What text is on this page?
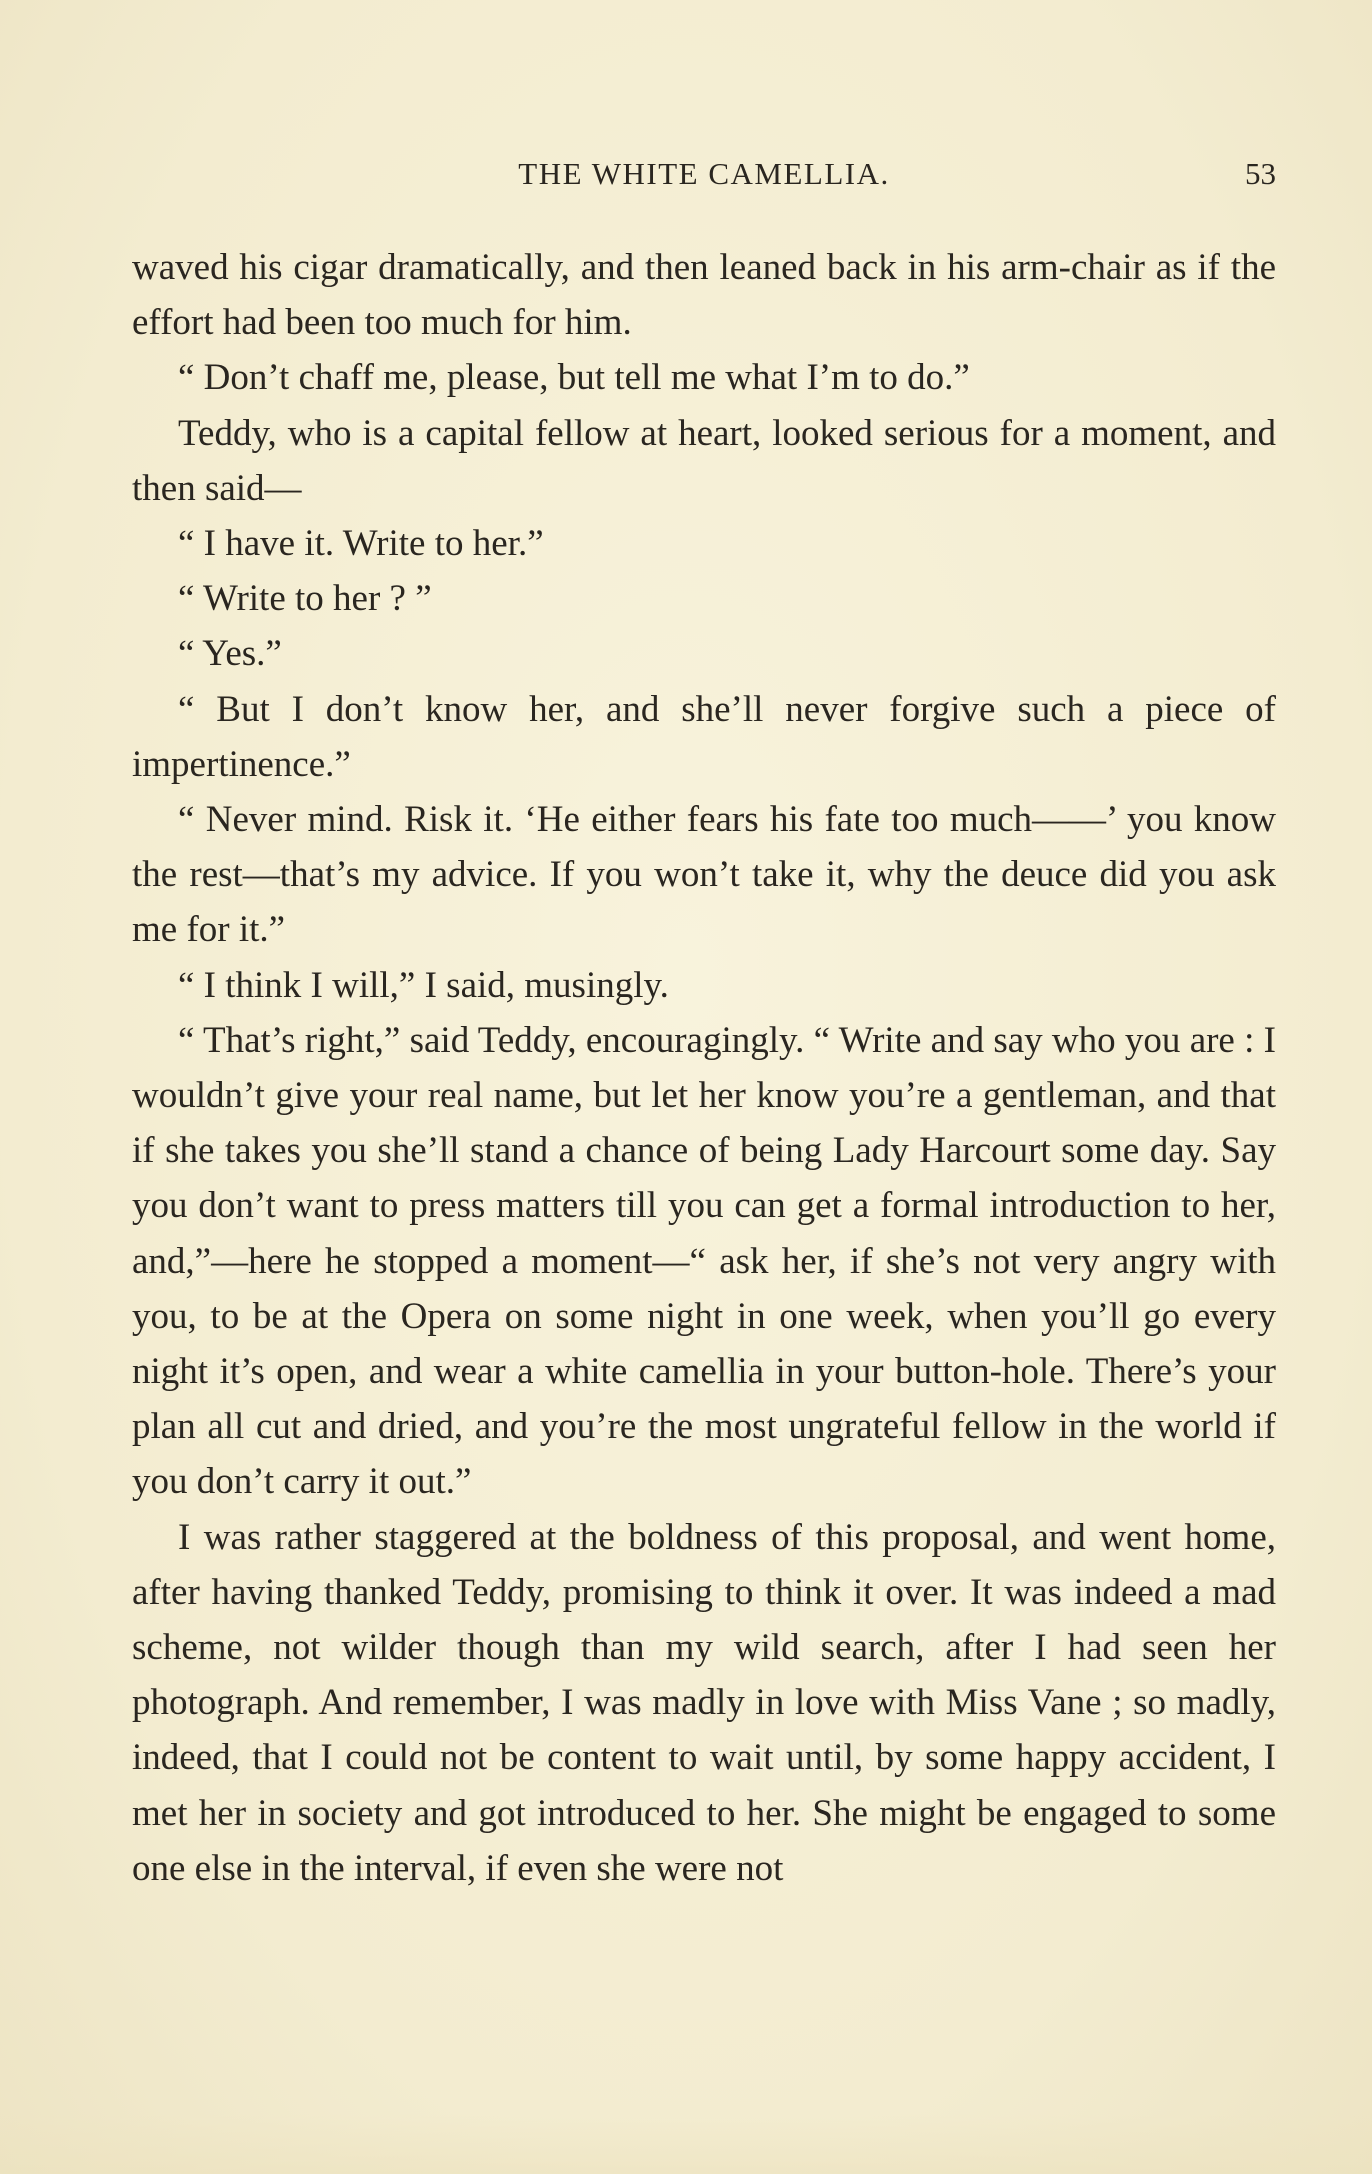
THE WHITE CAMELLIA.	53

waved his cigar dramatically, and then leaned back in his arm-chair as if the effort had been too much for him.

“ Don’t chaff me, please, but tell me what I’m to do.”

Teddy, who is a capital fellow at heart, looked serious for a moment, and then said—

“ I have it. Write to her.”

“ Write to her ? ”

“ Yes.”

“ But I don’t know her, and she’ll never forgive such a piece of impertinence.”

“ Never mind. Risk it. ‘He either fears his fate too much——’ you know the rest—that’s my advice. If you won’t take it, why the deuce did you ask me for it.”

“ I think I will,” I said, musingly.

“ That’s right,” said Teddy, encouragingly. “ Write and say who you are : I wouldn’t give your real name, but let her know you’re a gentleman, and that if she takes you she’ll stand a chance of being Lady Harcourt some day. Say you don’t want to press matters till you can get a formal introduction to her, and,”—here he stopped a moment—“ ask her, if she’s not very angry with you, to be at the Opera on some night in one week, when you’ll go every night it’s open, and wear a white camellia in your button-hole. There’s your plan all cut and dried, and you’re the most ungrateful fellow in the world if you don’t carry it out.”

I was rather staggered at the boldness of this proposal, and went home, after having thanked Teddy, promising to think it over. It was indeed a mad scheme, not wilder though than my wild search, after I had seen her photograph. And remember, I was madly in love with Miss Vane ; so madly, indeed, that I could not be content to wait until, by some happy accident, I met her in society and got introduced to her. She might be engaged to some one else in the interval, if even she were not
